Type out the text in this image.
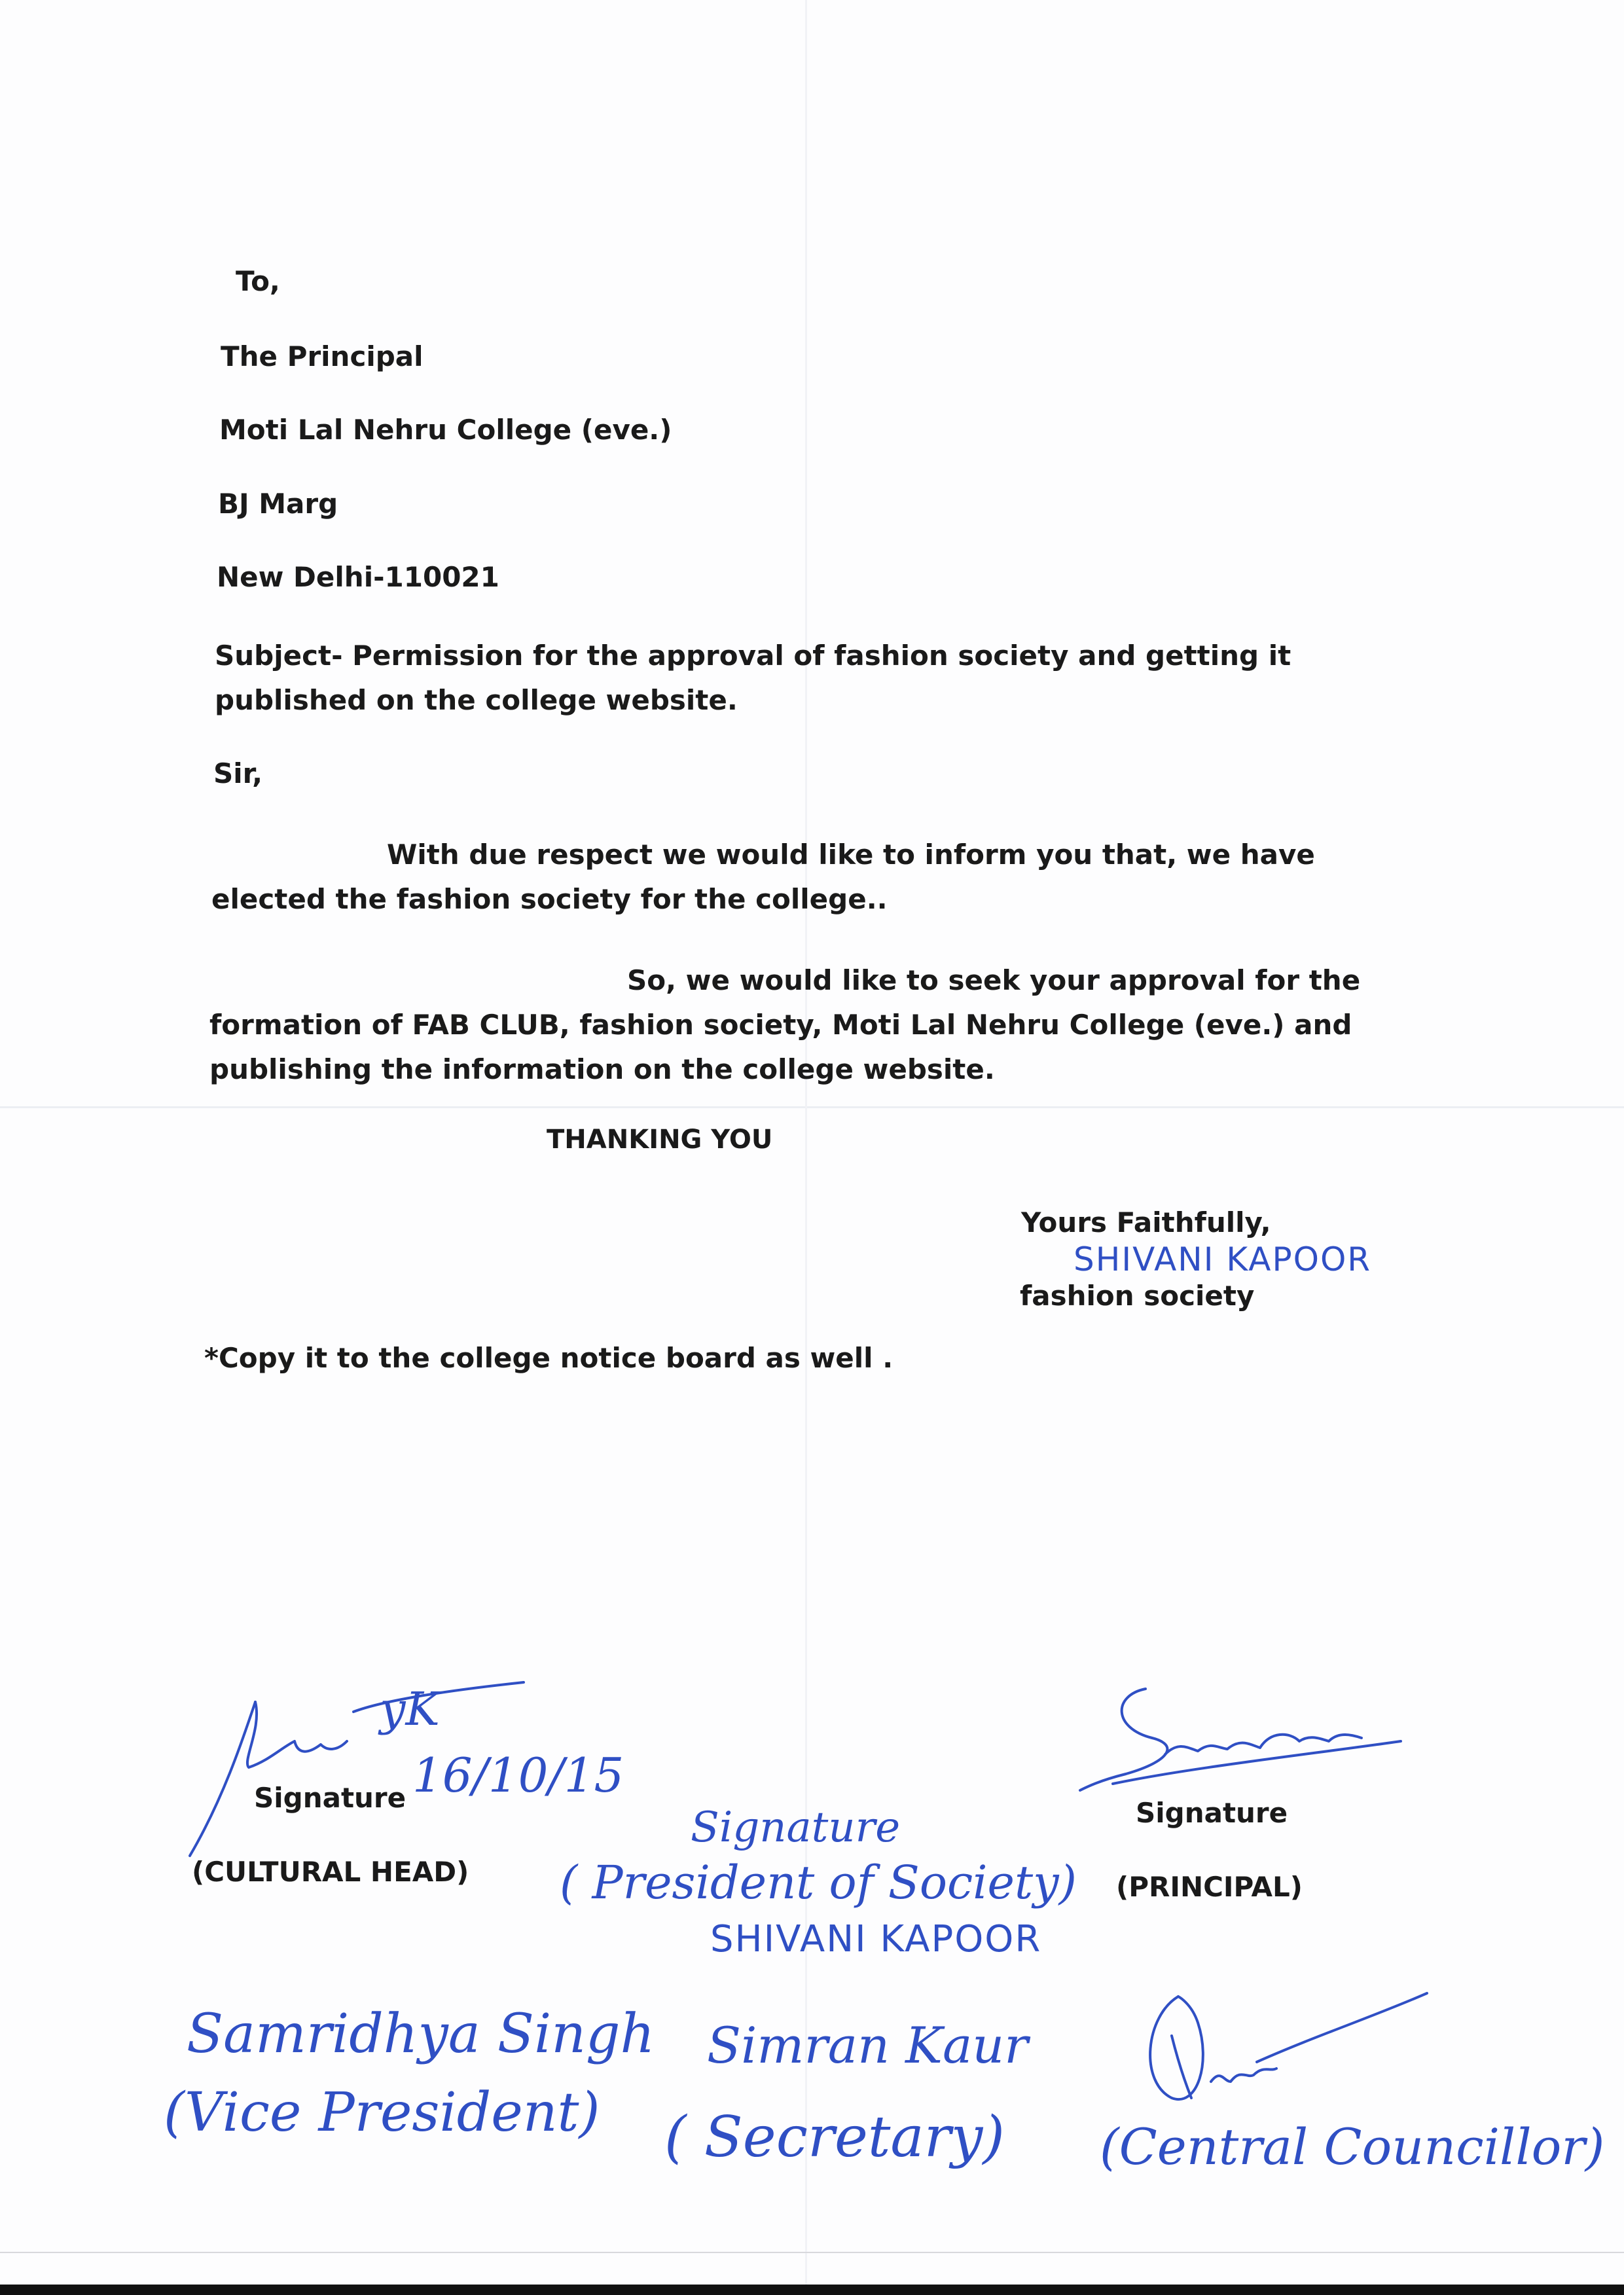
To,

The Principal

Moti Lal Nehru College (eve.)

BJ Marg

New Delhi-110021

Subject- Permission for the approval of fashion society and getting it published on the college website.

Sir,

With due respect we would like to inform you that, we have elected the fashion society for the college..

So, we would like to seek your approval for the formation of FAB CLUB, fashion society, Moti Lal Nehru College (eve.) and publishing the information on the college website.

THANKING YOU

Yours Faithfully,

SHIVANI KAPOOR

fashion society

*Copy it to the college notice board as well .

yK

Signature 16/10/15

(CULTURAL HEAD)

Signature

(PRINCIPAL)

Signature

( President of Society)

SHIVANI KAPOOR

Samridhya Singh

(Vice President)

Simran Kaur

( Secretary) (Central Councillor)
